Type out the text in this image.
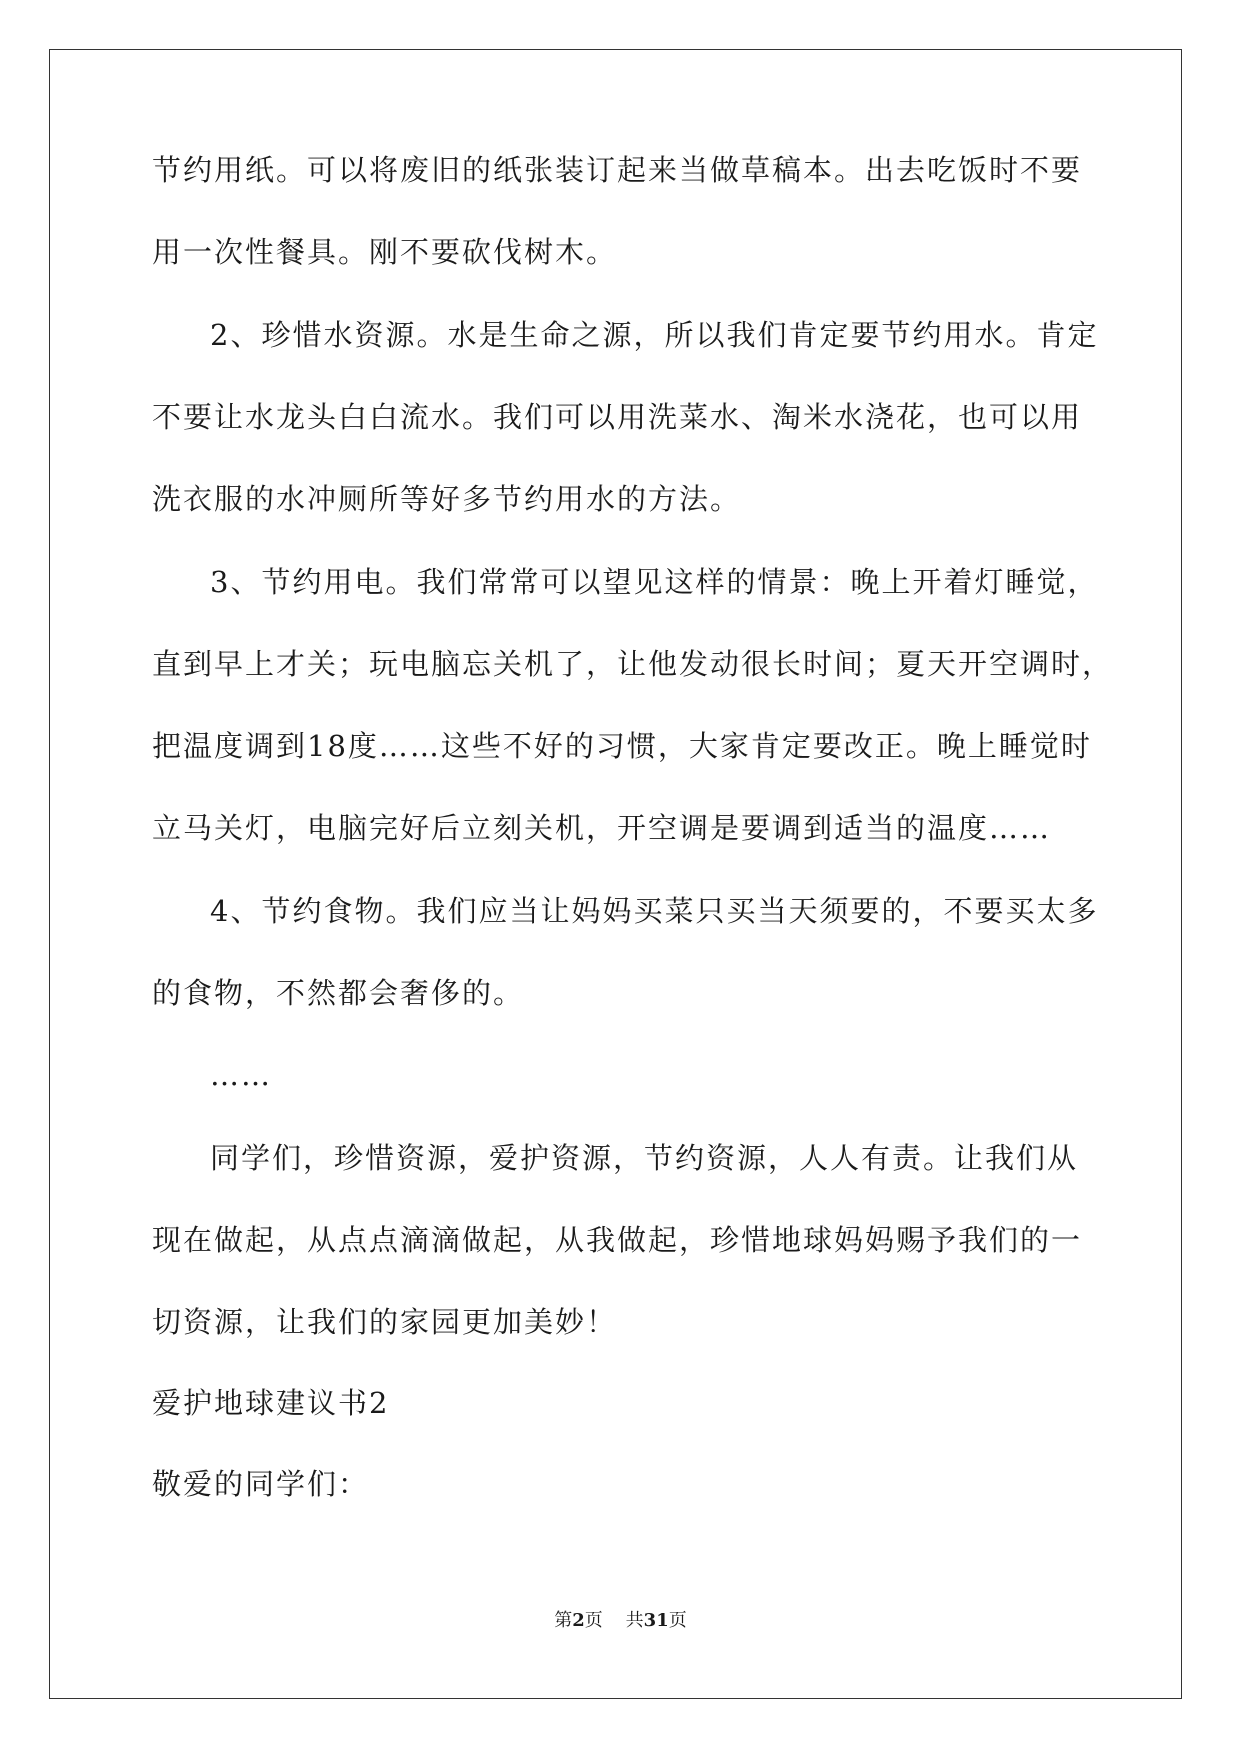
节约用纸。可以将废旧的纸张装订起来当做草稿本。出去吃饭时不要
用一次性餐具。刚不要砍伐树木。
2、珍惜水资源。水是生命之源，所以我们肯定要节约用水。肯定
不要让水龙头白白流水。我们可以用洗菜水、淘米水浇花，也可以用
洗衣服的水冲厕所等好多节约用水的方法。
3、节约用电。我们常常可以望见这样的情景：晚上开着灯睡觉，
直到早上才关；玩电脑忘关机了，让他发动很长时间；夏天开空调时，
把温度调到18度……这些不好的习惯，大家肯定要改正。晚上睡觉时
立马关灯，电脑完好后立刻关机，开空调是要调到适当的温度……
4、节约食物。我们应当让妈妈买菜只买当天须要的，不要买太多
的食物，不然都会奢侈的。
……
同学们，珍惜资源，爱护资源，节约资源，人人有责。让我们从
现在做起，从点点滴滴做起，从我做起，珍惜地球妈妈赐予我们的一
切资源，让我们的家园更加美妙！
爱护地球建议书2
敬爱的同学们：
第2页 共31页
